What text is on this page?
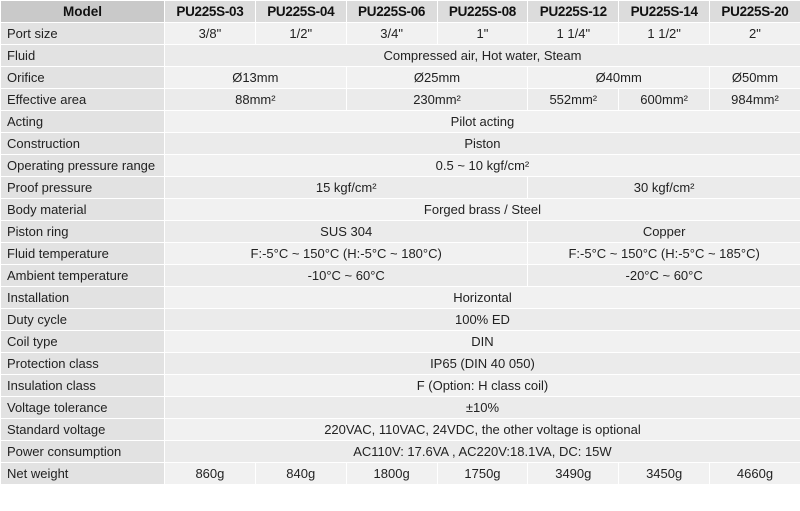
Model	PU225S-03	PU225S-04	PU225S-06	PU225S-08	PU225S-12	PU225S-14	PU225S-20
Port size	3/8"	1/2"	3/4"	1"	1 1/4"	1 1/2"	2"
Fluid	Compressed air, Hot water, Steam						
Orifice	Ø13mm		Ø25mm		Ø40mm		Ø50mm
Effective area	88mm²		230mm²		552mm²	600mm²	984mm²
Acting	Pilot acting						
Construction	Piston						
Operating pressure range	0.5 ~ 10 kgf/cm²						
Proof pressure	15 kgf/cm²				30 kgf/cm²		
Body material	Forged brass / Steel						
Piston ring	SUS 304				Copper		
Fluid temperature	F:-5°C ~ 150°C (H:-5°C ~ 180°C)				F:-5°C ~ 150°C (H:-5°C ~ 185°C)		
Ambient temperature	-10°C ~ 60°C				-20°C ~ 60°C		
Installation	Horizontal						
Duty cycle	100% ED						
Coil type	DIN						
Protection class	IP65 (DIN 40 050)						
Insulation class	F (Option: H class coil)						
Voltage tolerance	±10%						
Standard voltage	220VAC, 110VAC, 24VDC, the other voltage is optional						
Power consumption	AC110V: 17.6VA , AC220V:18.1VA, DC: 15W						
Net weight	860g	840g	1800g	1750g	3490g	3450g	4660g
